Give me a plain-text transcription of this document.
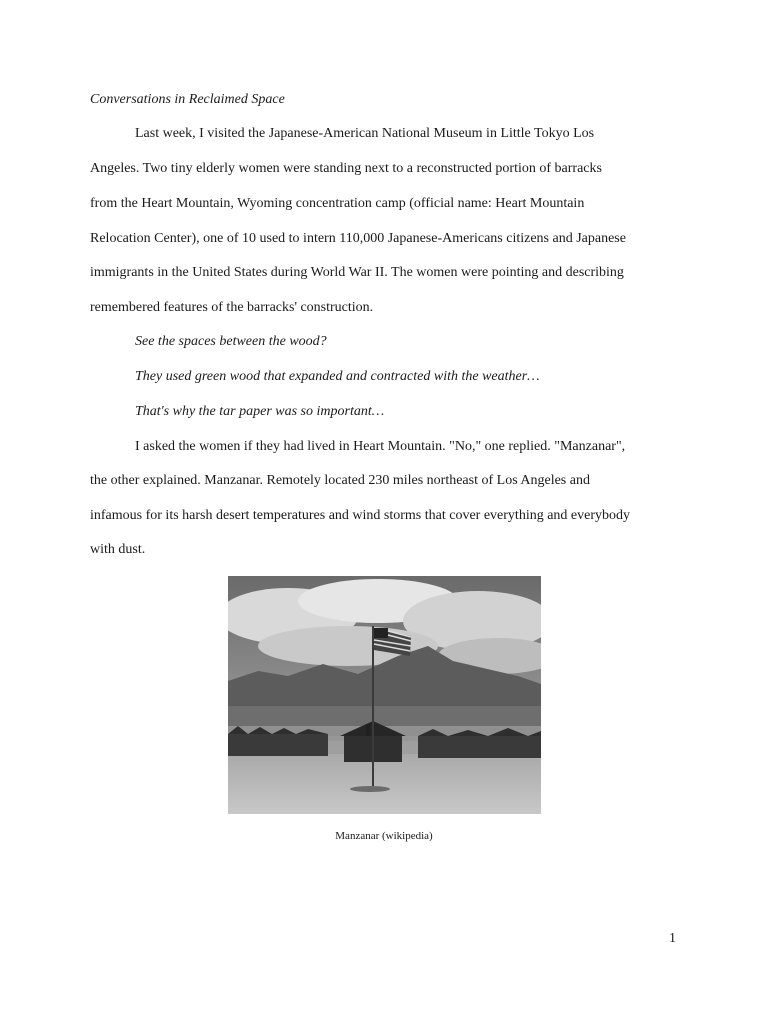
Conversations in Reclaimed Space
Last week, I visited the Japanese-American National Museum in Little Tokyo Los
Angeles. Two tiny elderly women were standing next to a reconstructed portion of barracks
from the Heart Mountain, Wyoming concentration camp (official name: Heart Mountain
Relocation Center), one of 10 used to intern 110,000 Japanese-Americans citizens and Japanese
immigrants in the United States during World War II. The women were pointing and describing
remembered features of the barracks' construction.
See the spaces between the wood?
They used green wood that expanded and contracted with the weather…
That's why the tar paper was so important…
I asked the women if they had lived in Heart Mountain. "No," one replied. "Manzanar",
the other explained. Manzanar. Remotely located 230 miles northeast of Los Angeles and
infamous for its harsh desert temperatures and wind storms that cover everything and everybody
with dust.
Manzanar (wikipedia)
1
